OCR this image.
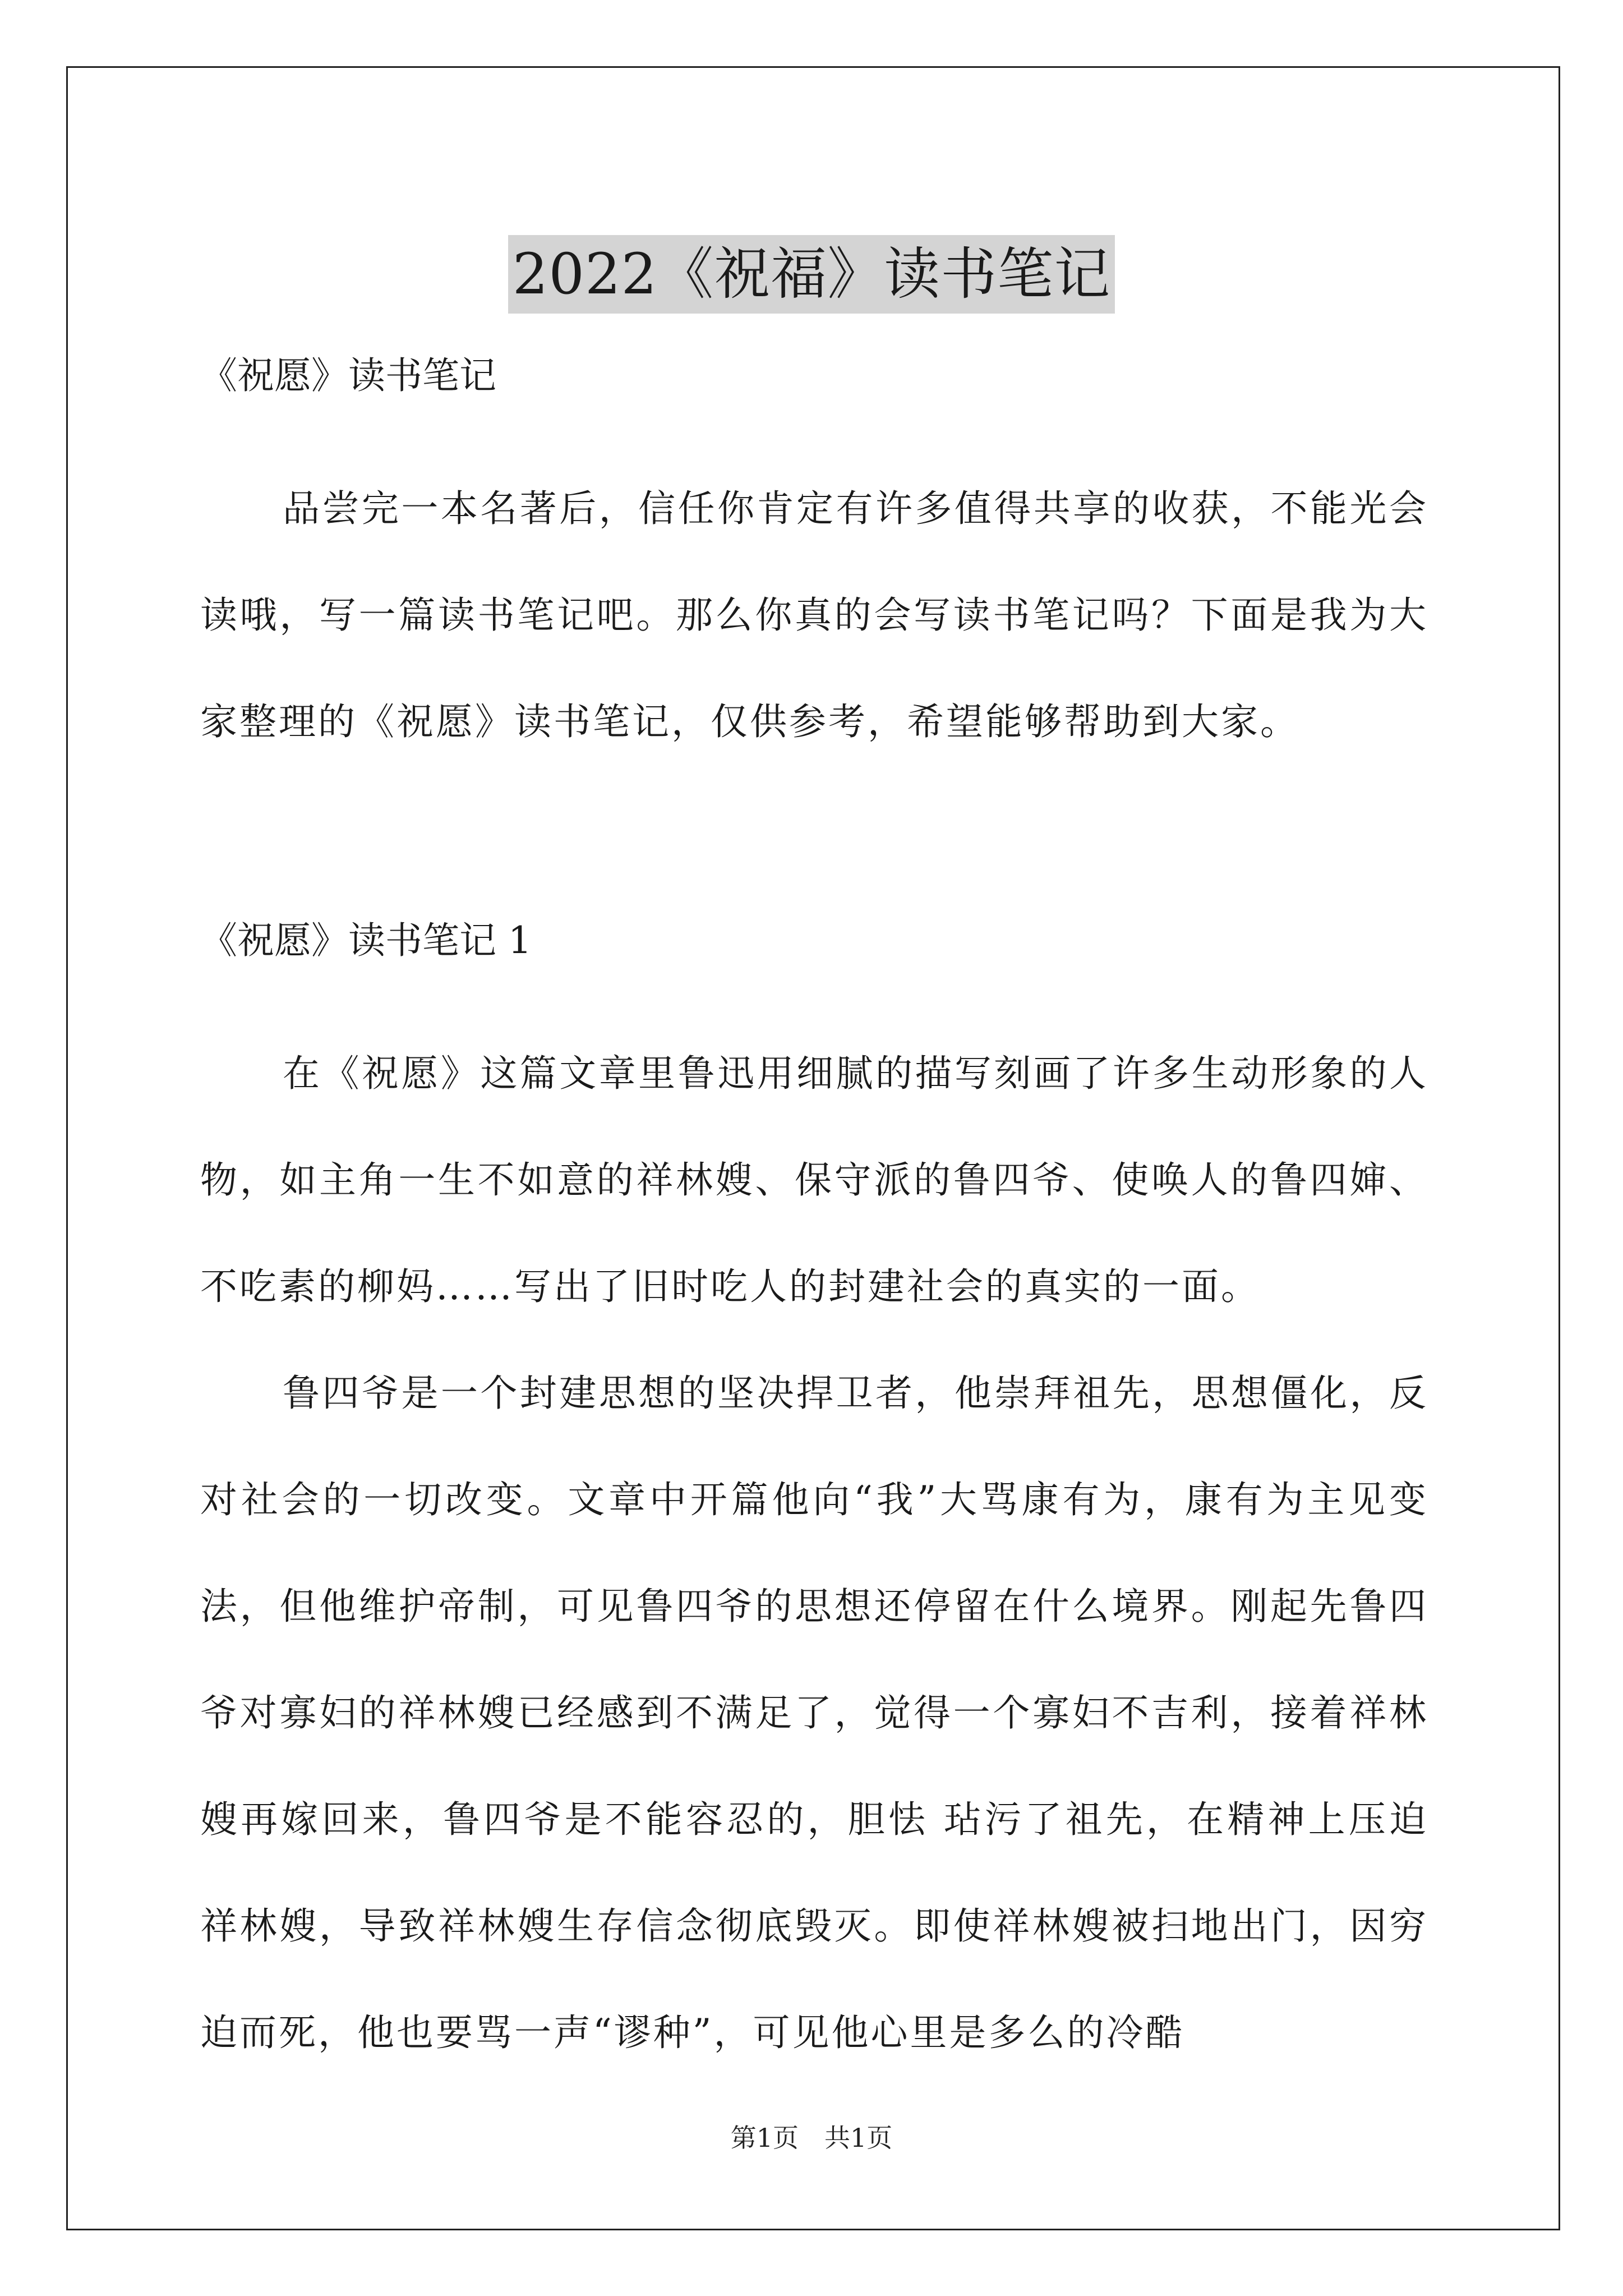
2022《祝福》读书笔记

《祝愿》读书笔记

品尝完一本名著后，信任你肯定有许多值得共享的收获，不能光会读哦，写一篇读书笔记吧。那么你真的会写读书笔记吗？下面是我为大家整理的《祝愿》读书笔记，仅供参考，希望能够帮助到大家。

《祝愿》读书笔记 1

在《祝愿》这篇文章里鲁迅用细腻的描写刻画了许多生动形象的人物，如主角一生不如意的祥林嫂、保守派的鲁四爷、使唤人的鲁四婶、不吃素的柳妈……写出了旧时吃人的封建社会的真实的一面。

鲁四爷是一个封建思想的坚决捍卫者，他崇拜祖先，思想僵化，反对社会的一切改变。文章中开篇他向“我”大骂康有为，康有为主见变法，但他维护帝制，可见鲁四爷的思想还停留在什么境界。刚起先鲁四爷对寡妇的祥林嫂已经感到不满足了，觉得一个寡妇不吉利，接着祥林嫂再嫁回来，鲁四爷是不能容忍的，胆怯 玷污了祖先，在精神上压迫祥林嫂，导致祥林嫂生存信念彻底毁灭。即使祥林嫂被扫地出门，因穷迫而死，他也要骂一声“谬种”，可见他心里是多么的冷酷

第1页　共1页
